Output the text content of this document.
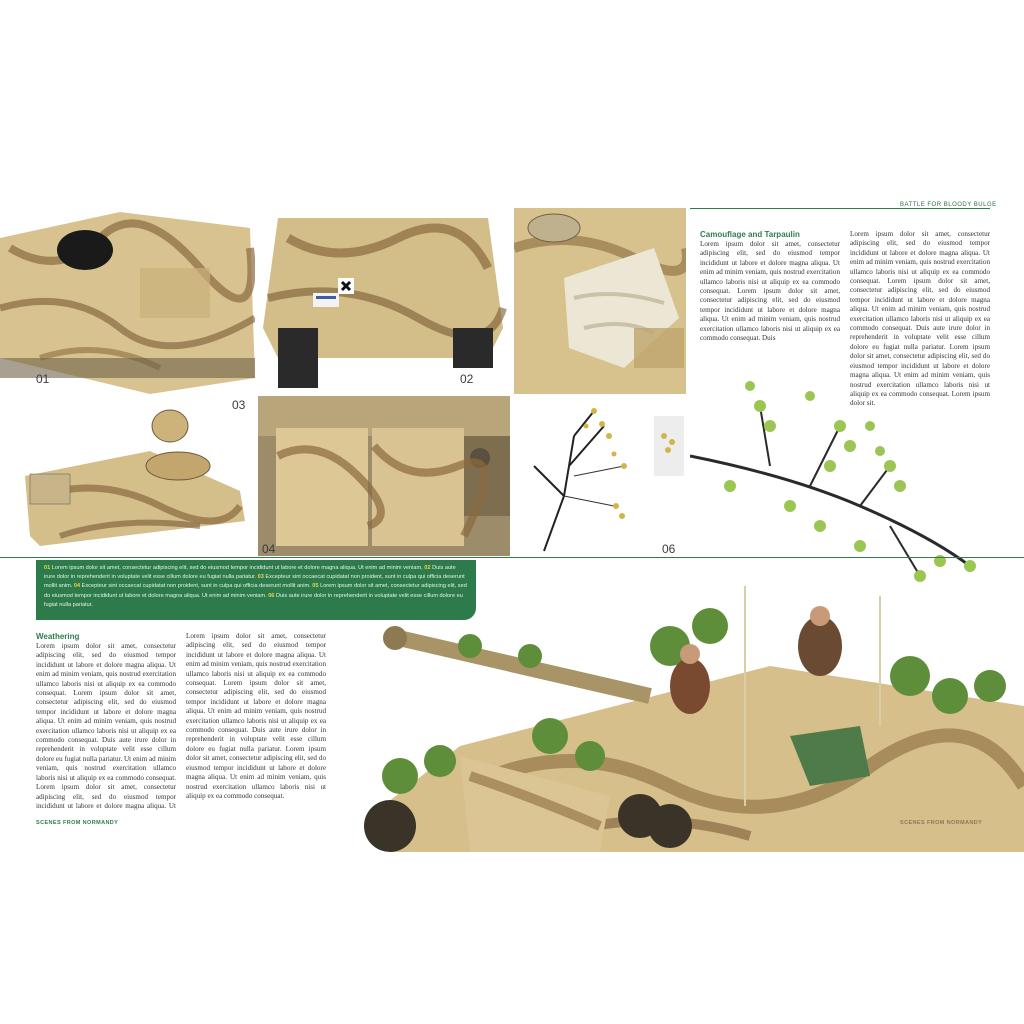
BATTLE FOR BLOODY BULGE
01	02
Camouflage and Tarpaulin
Lorem ipsum dolor sit amet, consectetur adipiscing elit, sed do eiusmod tempor incididunt ut labore et dolore magna aliqua. Ut enim ad minim veniam, quis nostrud exercitation ullamco laboris nisi ut aliquip ex ea commodo consequat. Lorem ipsum dolor sit amet, consectetur adipiscing elit, sed do eiusmod tempor incididunt ut labore et dolore magna aliqua. Ut enim ad minim veniam, quis nostrud exercitation ullamco laboris nisi ut aliquip ex ea commodo consequat. Duis
Lorem ipsum dolor sit amet, consectetur adipiscing elit, sed do eiusmod tempor incididunt ut labore et dolore magna aliqua. Ut enim ad minim veniam, quis nostrud exercitation ullamco laboris nisi ut aliquip ex ea commodo consequat. Lorem ipsum dolor sit amet, consectetur adipiscing elit, sed do eiusmod tempor incididunt ut labore et dolore magna aliqua. Ut enim ad minim veniam, quis nostrud exercitation ullamco laboris nisi ut aliquip ex ea commodo consequat. Duis aute irure dolor in reprehenderit in voluptate velit esse cillum dolore eu fugiat nulla pariatur. Lorem ipsum dolor sit amet, consectetur adipiscing elit, sed do eiusmod tempor incididunt ut labore et dolore magna aliqua. Ut enim ad minim veniam, quis nostrud exercitation ullamco laboris nisi ut aliquip ex ea commodo consequat. Lorem ipsum dolor sit.
03
04	06
Weathering
Lorem ipsum dolor sit amet, consectetur adipiscing elit, sed do eiusmod tempor incididunt ut labore et dolore magna aliqua. Ut enim ad minim veniam, quis nostrud exercitation ullamco laboris nisi ut aliquip ex ea commodo consequat. Lorem ipsum dolor sit amet, consectetur adipiscing elit, sed do eiusmod tempor incididunt ut labore et dolore magna aliqua. Ut enim ad minim veniam, quis nostrud exercitation ullamco laboris nisi ut aliquip ex ea commodo consequat. Duis aute irure dolor in reprehenderit in voluptate velit esse cillum dolore eu fugiat nulla pariatur. Ut enim ad minim veniam, quis nostrud exercitation ullamco laboris nisi ut aliquip ex ea commodo consequat. Lorem ipsum dolor sit amet, consectetur adipiscing elit, sed do eiusmod tempor incididunt ut labore et dolore magna aliqua. Ut
Lorem ipsum dolor sit amet, consectetur adipiscing elit, sed do eiusmod tempor incididunt ut labore et dolore magna aliqua. Ut enim ad minim veniam, quis nostrud exercitation ullamco laboris nisi ut aliquip ex ea commodo consequat. Lorem ipsum dolor sit amet, consectetur adipiscing elit, sed do eiusmod tempor incididunt ut labore et dolore magna aliqua. Ut enim ad minim veniam, quis nostrud exercitation ullamco laboris nisi ut aliquip ex ea commodo consequat. Duis aute irure dolor in reprehenderit in voluptate velit esse cillum dolore eu fugiat nulla pariatur. Lorem ipsum dolor sit amet, consectetur adipiscing elit, sed do eiusmod tempor incididunt ut labore et dolore magna aliqua. Ut enim ad minim veniam, quis nostrud exercitation ullamco laboris nisi ut aliquip ex ea commodo consequat.
01 Lorem ipsum dolor sit amet, consectetur adipiscing elit, sed do eiusmod tempor incididunt ut labore et dolore magna aliqua. Ut enim ad minim veniam, 02 Duis aute irure dolor in reprehenderit in voluptate velit esse cillum dolore eu fugiat nulla pariatur. 03 Excepteur sint occaecat cupidatat non proident, sunt in culpa qui officia deserunt mollit anim. 04 Excepteur sint occaecat cupidatat non proident, sunt in culpa qui officia deserunt mollit anim. 05 Lorem ipsum dolor sit amet, consectetur adipiscing elit, sed do eiusmod tempor incididunt ut labore et dolore magna aliqua. Ut enim ad minim veniam. 06 Duis aute irure dolor in reprehenderit in voluptate velit esse cillum dolore eu fugiat nulla pariatur.
SCENES FROM NORMANDY	SCENES FROM NORMANDY
